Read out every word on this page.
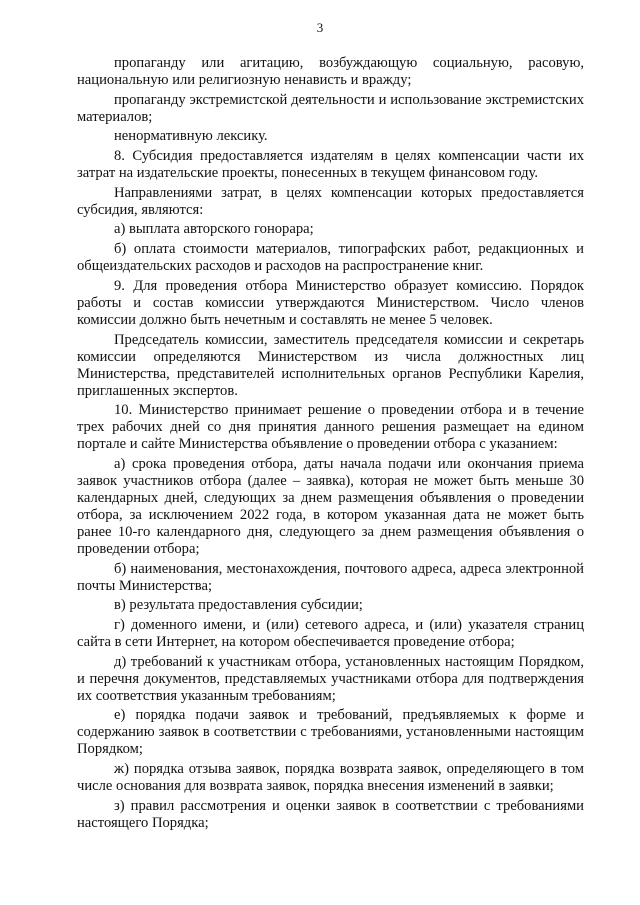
3

пропаганду или агитацию, возбуждающую социальную, расовую, национальную или религиозную ненависть и вражду;

пропаганду экстремистской деятельности и использование экстремистских материалов;

ненормативную лексику.

8. Субсидия предоставляется издателям в целях компенсации части их затрат на издательские проекты, понесенных в текущем финансовом году.

Направлениями затрат, в целях компенсации которых предоставляется субсидия, являются:

а) выплата авторского гонорара;

б) оплата стоимости материалов, типографских работ, редакционных и общеиздательских расходов и расходов на распространение книг.

9. Для проведения отбора Министерство образует комиссию. Порядок работы и состав комиссии утверждаются Министерством. Число членов комиссии должно быть нечетным и составлять не менее 5 человек.

Председатель комиссии, заместитель председателя комиссии и секретарь комиссии определяются Министерством из числа должностных лиц Министерства, представителей исполнительных органов Республики Карелия, приглашенных экспертов.

10. Министерство принимает решение о проведении отбора и в течение трех рабочих дней со дня принятия данного решения размещает на едином портале и сайте Министерства объявление о проведении отбора с указанием:

а) срока проведения отбора, даты начала подачи или окончания приема заявок участников отбора (далее – заявка), которая не может быть меньше 30 календарных дней, следующих за днем размещения объявления о проведении отбора, за исключением 2022 года, в котором указанная дата не может быть ранее 10-го календарного дня, следующего за днем размещения объявления о проведении отбора;

б) наименования, местонахождения, почтового адреса, адреса электронной почты Министерства;

в) результата предоставления субсидии;

г) доменного имени, и (или) сетевого адреса, и (или) указателя страниц сайта в сети Интернет, на котором обеспечивается проведение отбора;

д) требований к участникам отбора, установленных настоящим Порядком, и перечня документов, представляемых участниками отбора для подтверждения их соответствия указанным требованиям;

е) порядка подачи заявок и требований, предъявляемых к форме и содержанию заявок в соответствии с требованиями, установленными настоящим Порядком;

ж) порядка отзыва заявок, порядка возврата заявок, определяющего в том числе основания для возврата заявок, порядка внесения изменений в заявки;

з) правил рассмотрения и оценки заявок в соответствии с требованиями настоящего Порядка;
